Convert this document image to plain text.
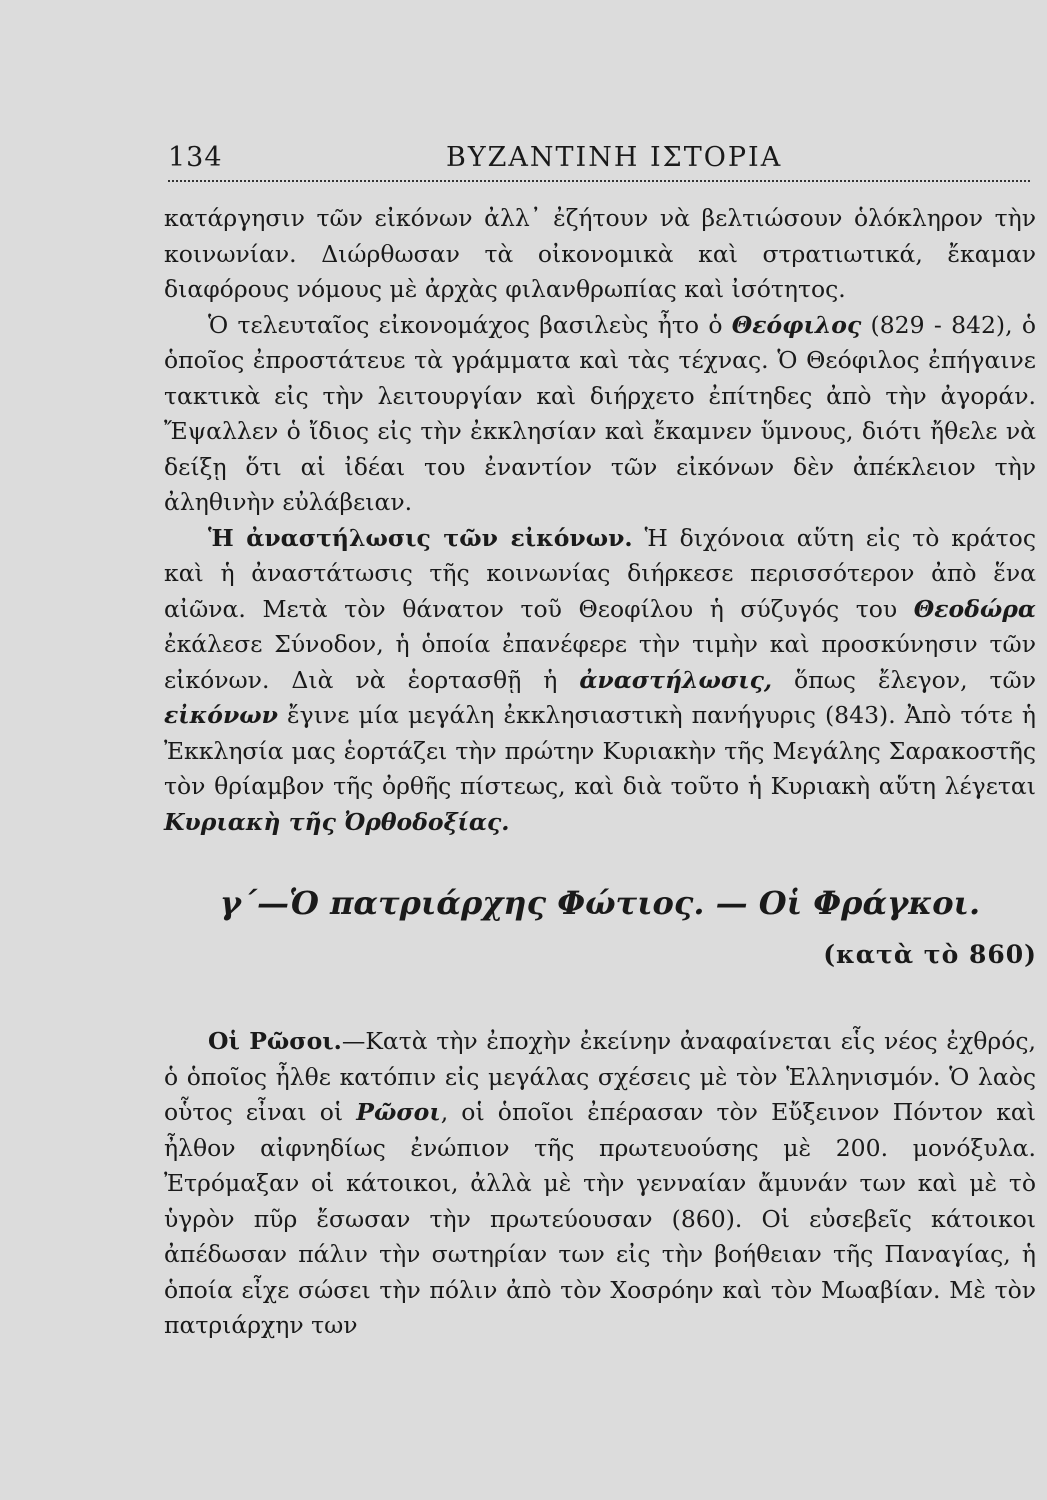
134	ΒΥΖΑΝΤΙΝΗ ΙΣΤΟΡΙΑ

κατάργησιν τῶν εἰκόνων ἀλλ᾽ ἐζήτουν νὰ βελτιώσουν ὁλόκληρον τὴν κοινωνίαν. Διώρθωσαν τὰ οἰκονομικὰ καὶ στρατιωτικά, ἔκαμαν διαφόρους νόμους μὲ ἀρχὰς φιλανθρωπίας καὶ ἰσότητος.

Ὁ τελευταῖος εἰκονομάχος βασιλεὺς ἦτο ὁ Θεόφιλος (829 - 842), ὁ ὁποῖος ἐπροστάτευε τὰ γράμματα καὶ τὰς τέχνας. Ὁ Θεόφιλος ἐπήγαινε τακτικὰ εἰς τὴν λειτουργίαν καὶ διήρχετο ἐπίτηδες ἀπὸ τὴν ἀγοράν. Ἔψαλλεν ὁ ἴδιος εἰς τὴν ἐκκλησίαν καὶ ἔκαμνεν ὕμνους, διότι ἤθελε νὰ δείξῃ ὅτι αἱ ἰδέαι του ἐναντίον τῶν εἰκόνων δὲν ἀπέκλειον τὴν ἀληθινὴν εὐλάβειαν.

Ἡ ἀναστήλωσις τῶν εἰκόνων. Ἡ διχόνοια αὕτη εἰς τὸ κράτος καὶ ἡ ἀναστάτωσις τῆς κοινωνίας διήρκεσε περισσότερον ἀπὸ ἕνα αἰῶνα. Μετὰ τὸν θάνατον τοῦ Θεοφίλου ἡ σύζυγός του Θεοδώρα ἐκάλεσε Σύνοδον, ἡ ὁποία ἐπανέφερε τὴν τιμὴν καὶ προσκύνησιν τῶν εἰκόνων. Διὰ νὰ ἑορτασθῇ ἡ ἀναστήλωσις, ὅπως ἔλεγον, τῶν εἰκόνων ἔγινε μία μεγάλη ἐκκλησιαστικὴ πανήγυρις (843). Ἀπὸ τότε ἡ Ἐκκλησία μας ἑορτάζει τὴν πρώτην Κυριακὴν τῆς Μεγάλης Σαρακοστῆς τὸν θρίαμβον τῆς ὀρθῆς πίστεως, καὶ διὰ τοῦτο ἡ Κυριακὴ αὕτη λέγεται Κυριακὴ τῆς Ὀρθοδοξίας.

γ´—Ὁ πατριάρχης Φώτιος. — Οἱ Φράγκοι.
(κατὰ τὸ 860)

Οἱ Ρῶσοι.—Κατὰ τὴν ἐποχὴν ἐκείνην ἀναφαίνεται εἷς νέος ἐχθρός, ὁ ὁποῖος ἦλθε κατόπιν εἰς μεγάλας σχέσεις μὲ τὸν Ἑλληνισμόν. Ὁ λαὸς οὗτος εἶναι οἱ Ρῶσοι, οἱ ὁποῖοι ἐπέρασαν τὸν Εὔξεινον Πόντον καὶ ἦλθον αἰφνηδίως ἐνώπιον τῆς πρωτευούσης μὲ 200. μονόξυλα. Ἐτρόμαξαν οἱ κάτοικοι, ἀλλὰ μὲ τὴν γενναίαν ἄμυνάν των καὶ μὲ τὸ ὑγρὸν πῦρ ἔσωσαν τὴν πρωτεύουσαν (860). Οἱ εὐσεβεῖς κάτοικοι ἀπέδωσαν πάλιν τὴν σωτηρίαν των εἰς τὴν βοήθειαν τῆς Παναγίας, ἡ ὁποία εἶχε σώσει τὴν πόλιν ἀπὸ τὸν Χοσρόην καὶ τὸν Μωαβίαν. Μὲ τὸν πατριάρχην των
